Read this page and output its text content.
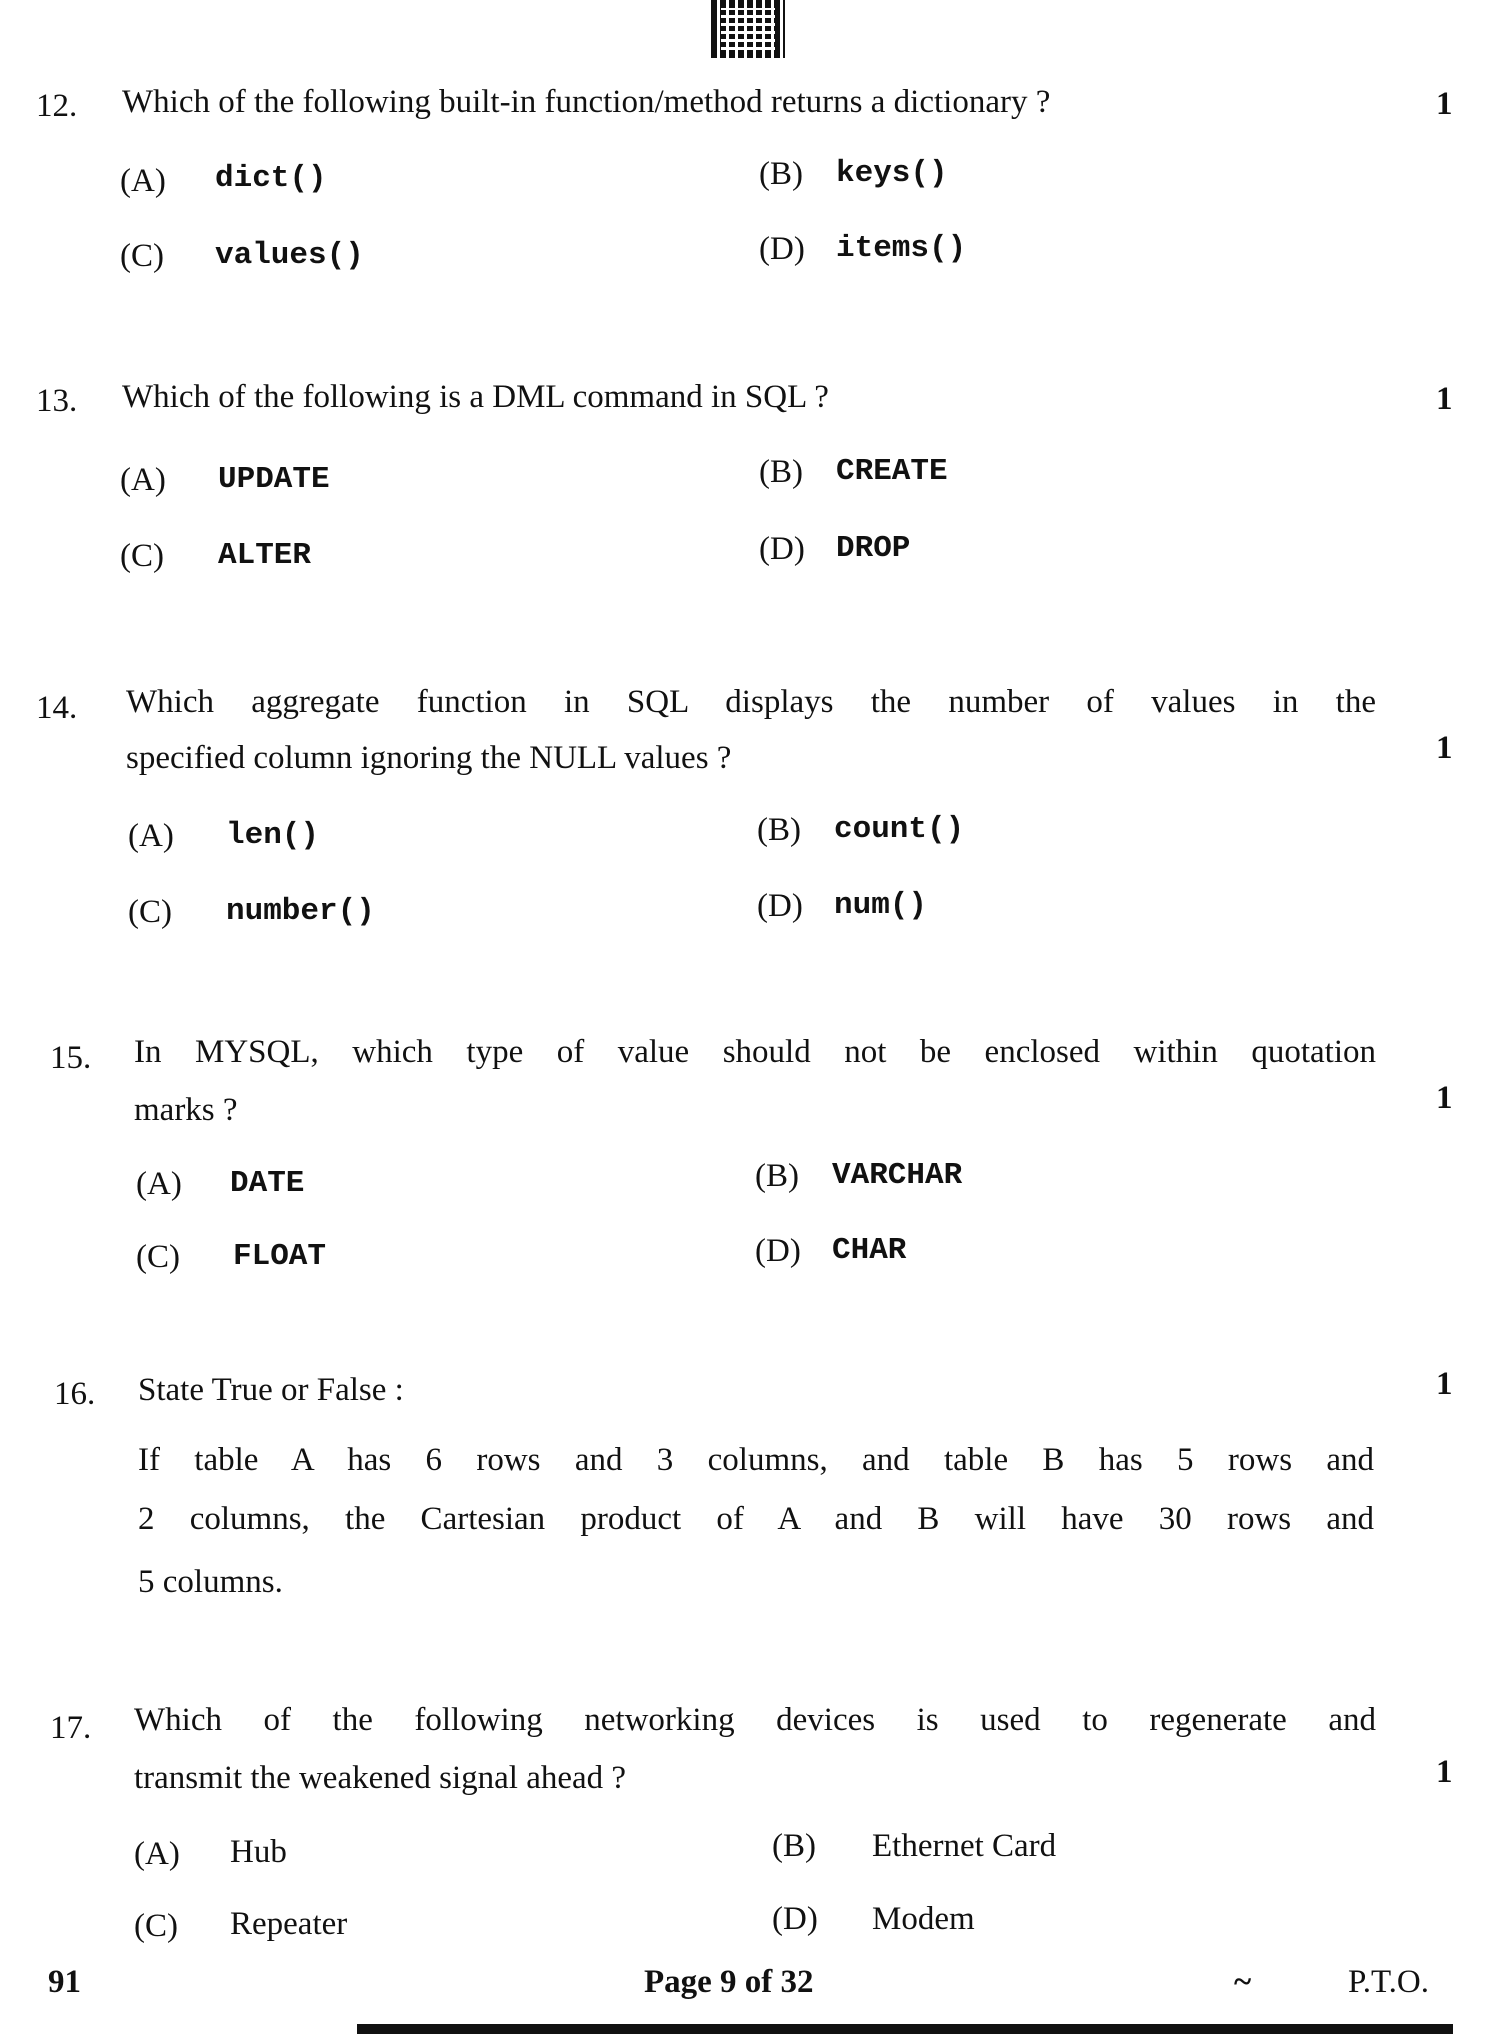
12. Which of the following built-in function/method returns a dictionary ?	1
(A) dict()	(B) keys()
(C) values()	(D) items()
13. Which of the following is a DML command in SQL ?	1
(A) UPDATE	(B) CREATE
(C) ALTER	(D) DROP
14. Which aggregate function in SQL displays the number of values in the
specified column ignoring the NULL values ?	1
(A) len()	(B) count()
(C) number()	(D) num()
15. In MYSQL, which type of value should not be enclosed within quotation
marks ?	1
(A) DATE	(B) VARCHAR
(C) FLOAT	(D) CHAR
16. State True or False :	1
If table A has 6 rows and 3 columns, and table B has 5 rows and
2 columns, the Cartesian product of A and B will have 30 rows and
5 columns.
17. Which of the following networking devices is used to regenerate and
transmit the weakened signal ahead ?	1
(A) Hub	(B) Ethernet Card
(C) Repeater	(D) Modem
91	Page 9 of 32	~	P.T.O.
